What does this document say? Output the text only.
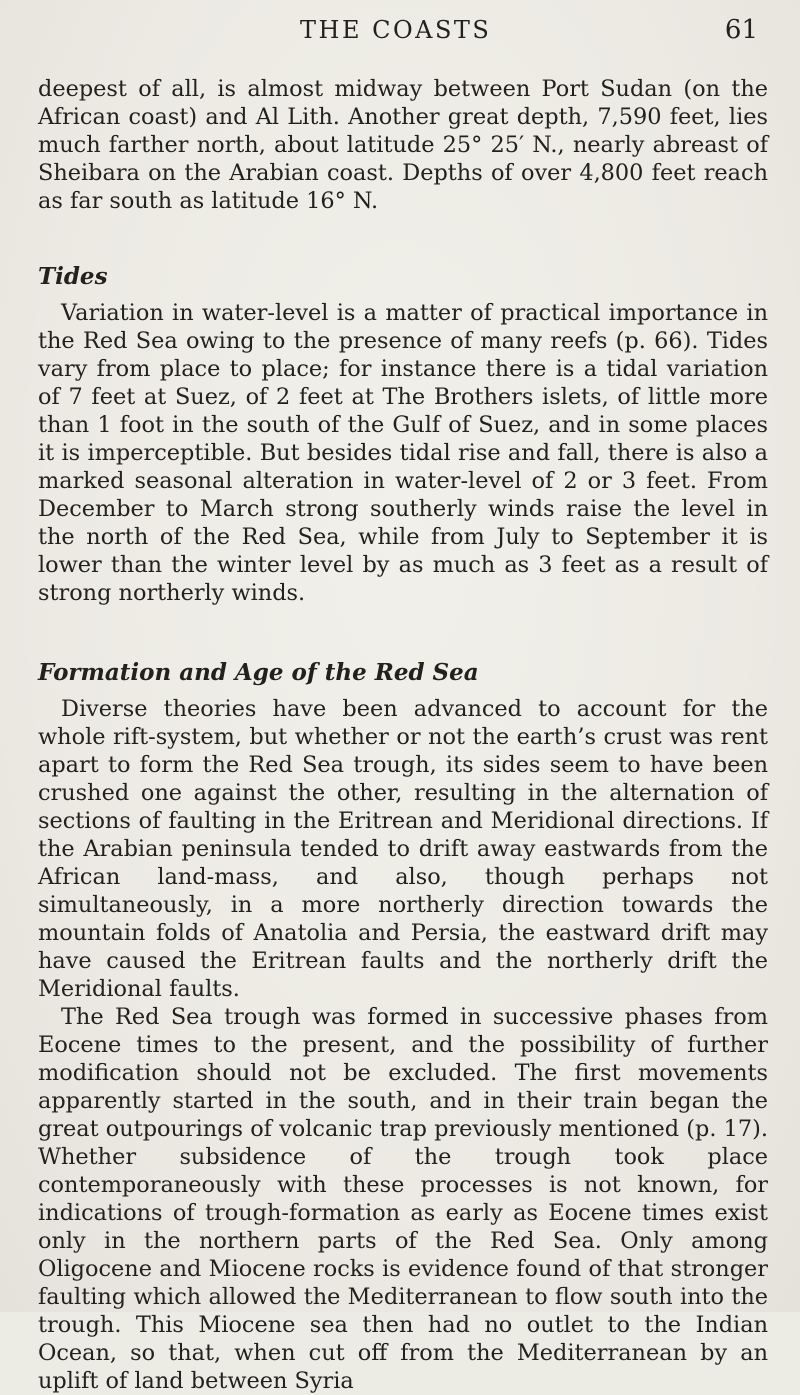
THE COASTS	61

deepest of all, is almost midway between Port Sudan (on the African coast) and Al Lith. Another great depth, 7,590 feet, lies much farther north, about latitude 25° 25′ N., nearly abreast of Sheibara on the Arabian coast. Depths of over 4,800 feet reach as far south as latitude 16° N.

Tides

Variation in water-level is a matter of practical importance in the Red Sea owing to the presence of many reefs (p. 66). Tides vary from place to place; for instance there is a tidal variation of 7 feet at Suez, of 2 feet at The Brothers islets, of little more than 1 foot in the south of the Gulf of Suez, and in some places it is imperceptible. But besides tidal rise and fall, there is also a marked seasonal alteration in water-level of 2 or 3 feet. From December to March strong southerly winds raise the level in the north of the Red Sea, while from July to September it is lower than the winter level by as much as 3 feet as a result of strong northerly winds.

Formation and Age of the Red Sea

Diverse theories have been advanced to account for the whole rift-system, but whether or not the earth’s crust was rent apart to form the Red Sea trough, its sides seem to have been crushed one against the other, resulting in the alternation of sections of faulting in the Eritrean and Meridional directions. If the Arabian peninsula tended to drift away eastwards from the African land-mass, and also, though perhaps not simultaneously, in a more northerly direction towards the mountain folds of Anatolia and Persia, the eastward drift may have caused the Eritrean faults and the northerly drift the Meridional faults.

The Red Sea trough was formed in successive phases from Eocene times to the present, and the possibility of further modification should not be excluded. The first movements apparently started in the south, and in their train began the great outpourings of volcanic trap previously mentioned (p. 17). Whether subsidence of the trough took place contemporaneously with these processes is not known, for indications of trough-formation as early as Eocene times exist only in the northern parts of the Red Sea. Only among Oligocene and Miocene rocks is evidence found of that stronger faulting which allowed the Mediterranean to flow south into the trough. This Miocene sea then had no outlet to the Indian Ocean, so that, when cut off from the Mediterranean by an uplift of land between Syria
